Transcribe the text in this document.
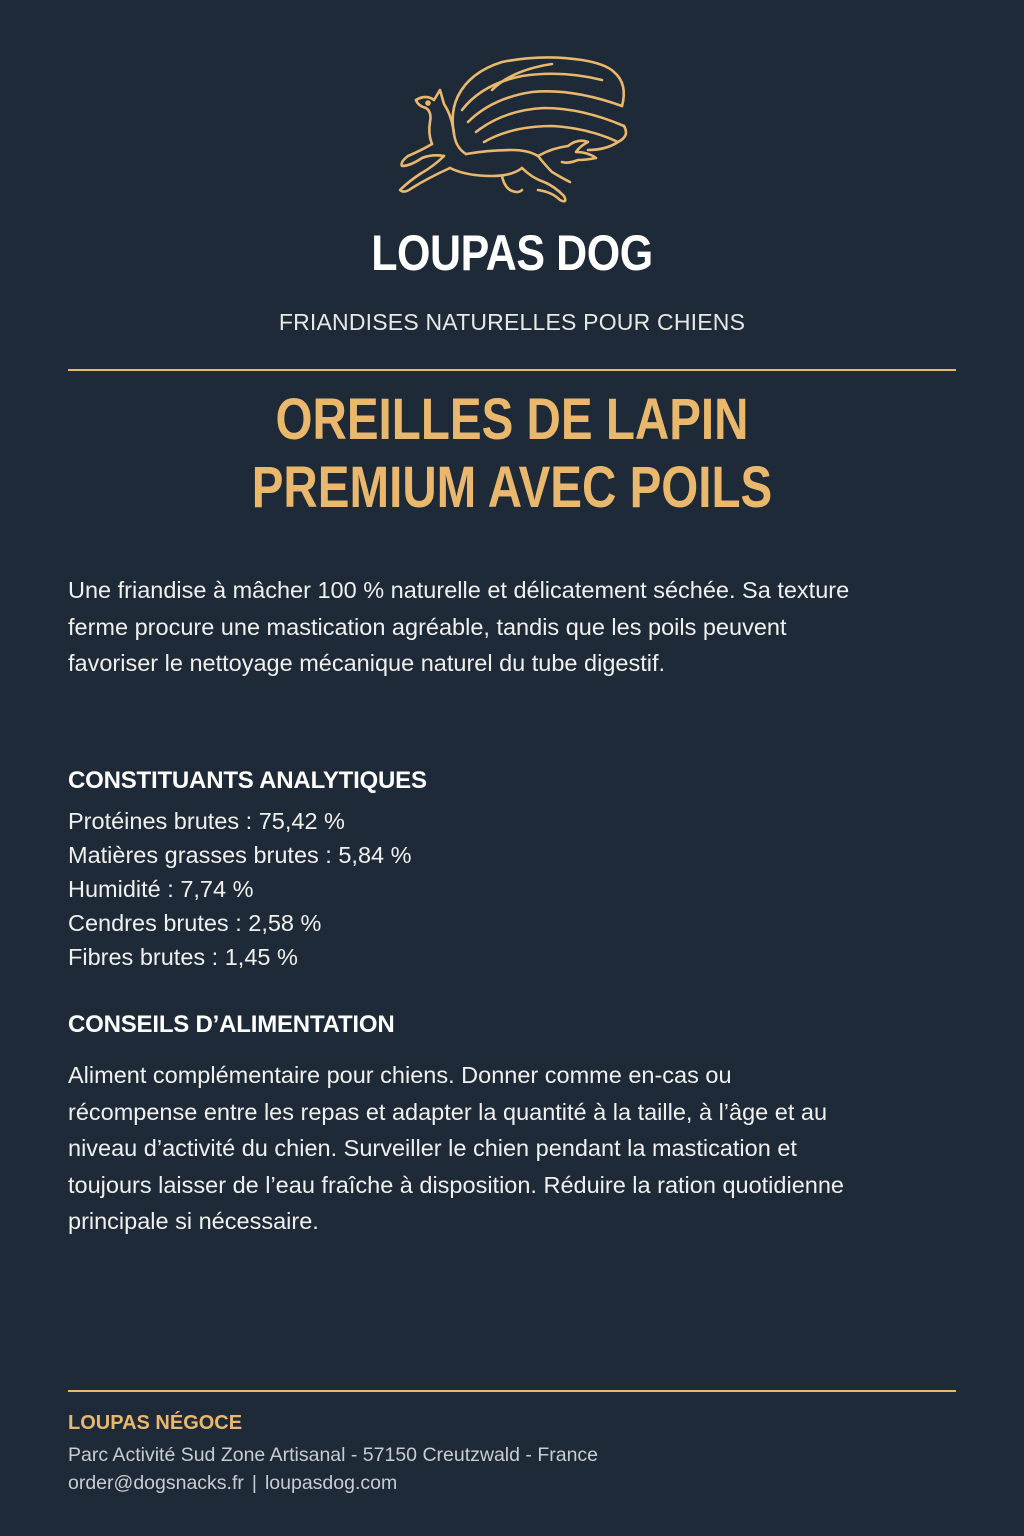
LOUPAS DOG
FRIANDISES NATURELLES POUR CHIENS
OREILLES DE LAPIN
PREMIUM AVEC POILS
Une friandise à mâcher 100 % naturelle et délicatement séchée. Sa texture
ferme procure une mastication agréable, tandis que les poils peuvent
favoriser le nettoyage mécanique naturel du tube digestif.
CONSTITUANTS ANALYTIQUES
Protéines brutes : 75,42 %
Matières grasses brutes : 5,84 %
Humidité : 7,74 %
Cendres brutes : 2,58 %
Fibres brutes : 1,45 %
CONSEILS D’ALIMENTATION
Aliment complémentaire pour chiens. Donner comme en-cas ou
récompense entre les repas et adapter la quantité à la taille, à l’âge et au
niveau d’activité du chien. Surveiller le chien pendant la mastication et
toujours laisser de l’eau fraîche à disposition. Réduire la ration quotidienne
principale si nécessaire.
LOUPAS NÉGOCE
Parc Activité Sud Zone Artisanal - 57150 Creutzwald - France
order@dogsnacks.fr | loupasdog.com
